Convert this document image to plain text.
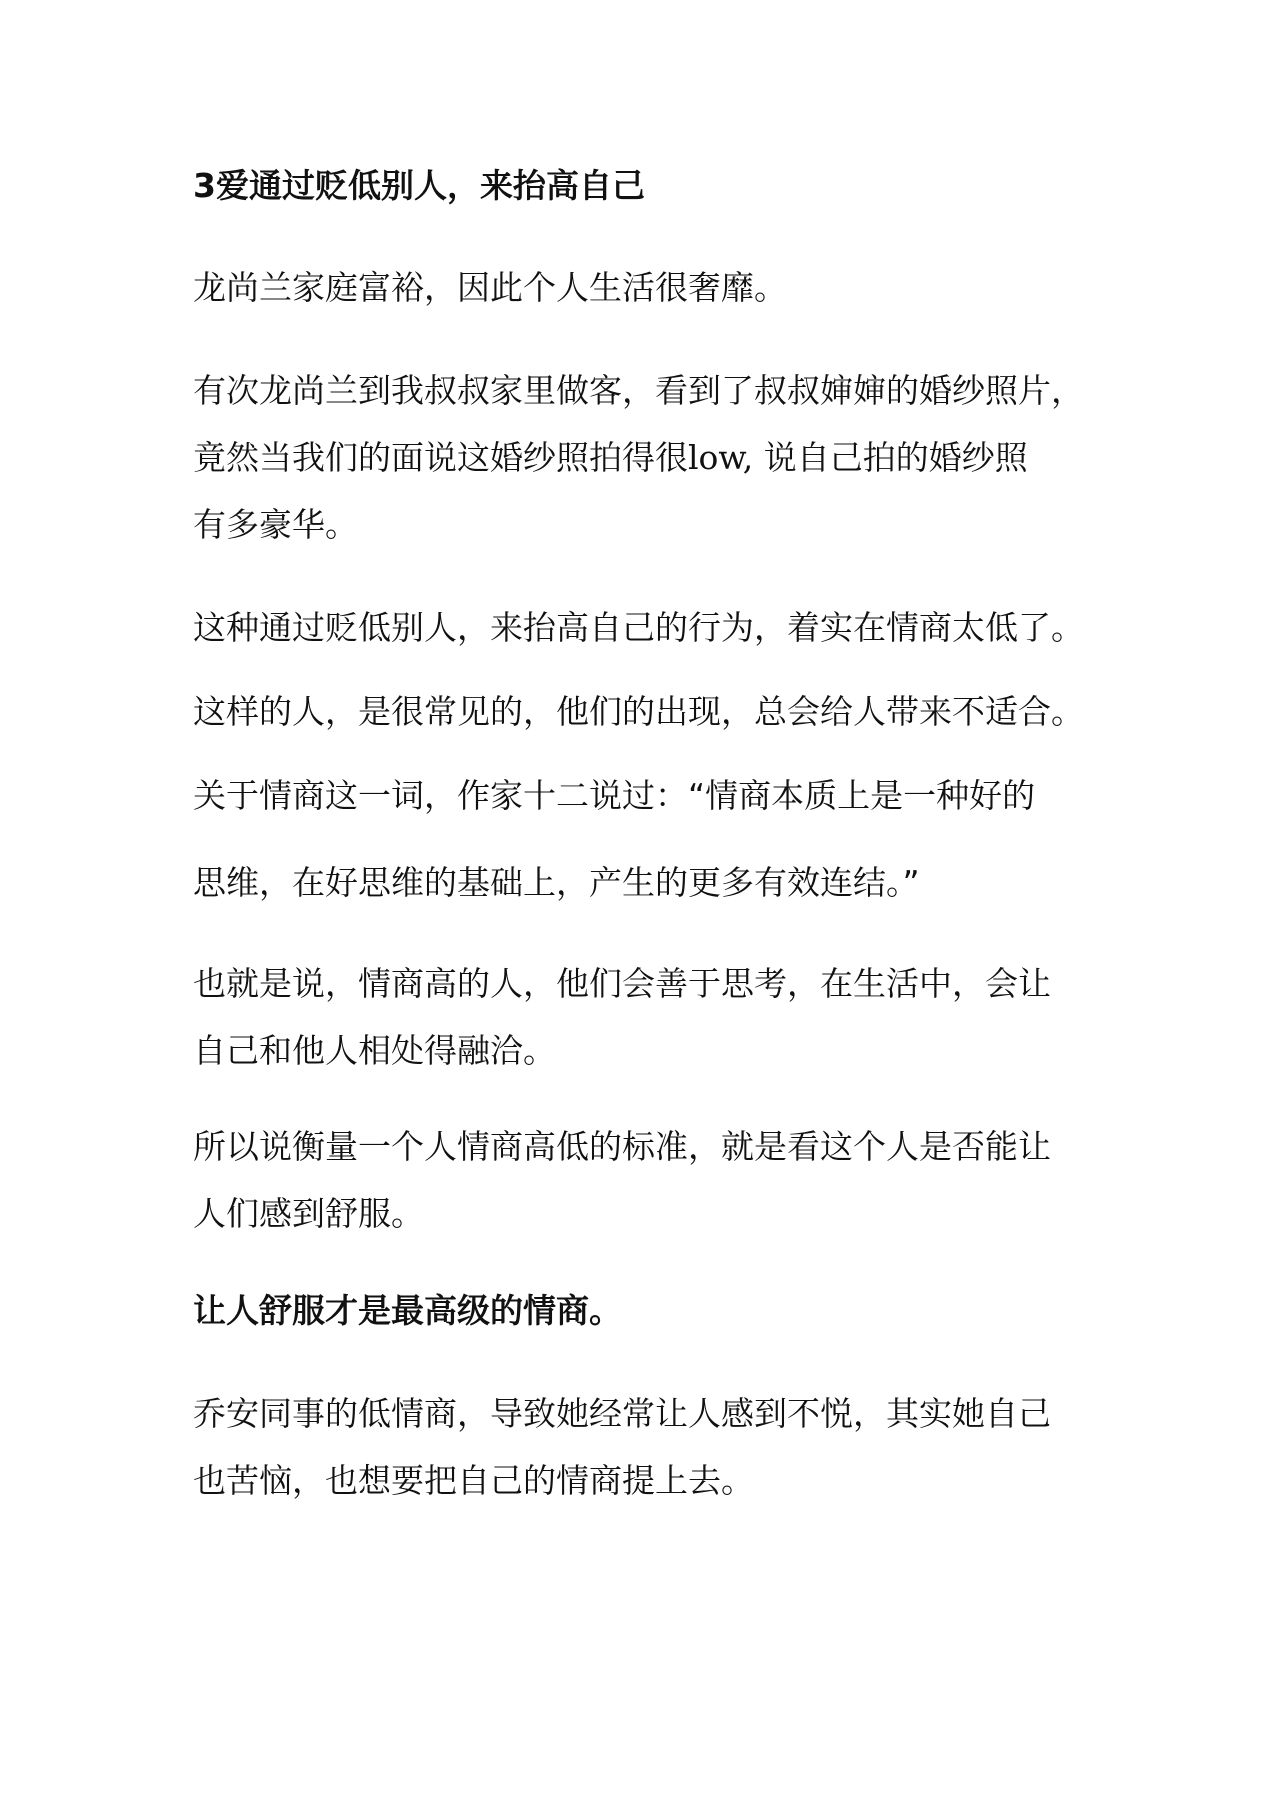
3爱通过贬低别人，来抬高自己
龙尚兰家庭富裕，因此个人生活很奢靡。
有次龙尚兰到我叔叔家里做客，看到了叔叔婶婶的婚纱照片，
竟然当我们的面说这婚纱照拍得很low, 说自己拍的婚纱照
有多豪华。
这种通过贬低别人，来抬高自己的行为，着实在情商太低了。
这样的人，是很常见的，他们的出现，总会给人带来不适合。
关于情商这一词，作家十二说过：“情商本质上是一种好的
思维，在好思维的基础上，产生的更多有效连结。”
也就是说，情商高的人，他们会善于思考，在生活中，会让
自己和他人相处得融洽。
所以说衡量一个人情商高低的标准，就是看这个人是否能让
人们感到舒服。
让人舒服才是最高级的情商。
乔安同事的低情商，导致她经常让人感到不悦，其实她自己
也苦恼，也想要把自己的情商提上去。
